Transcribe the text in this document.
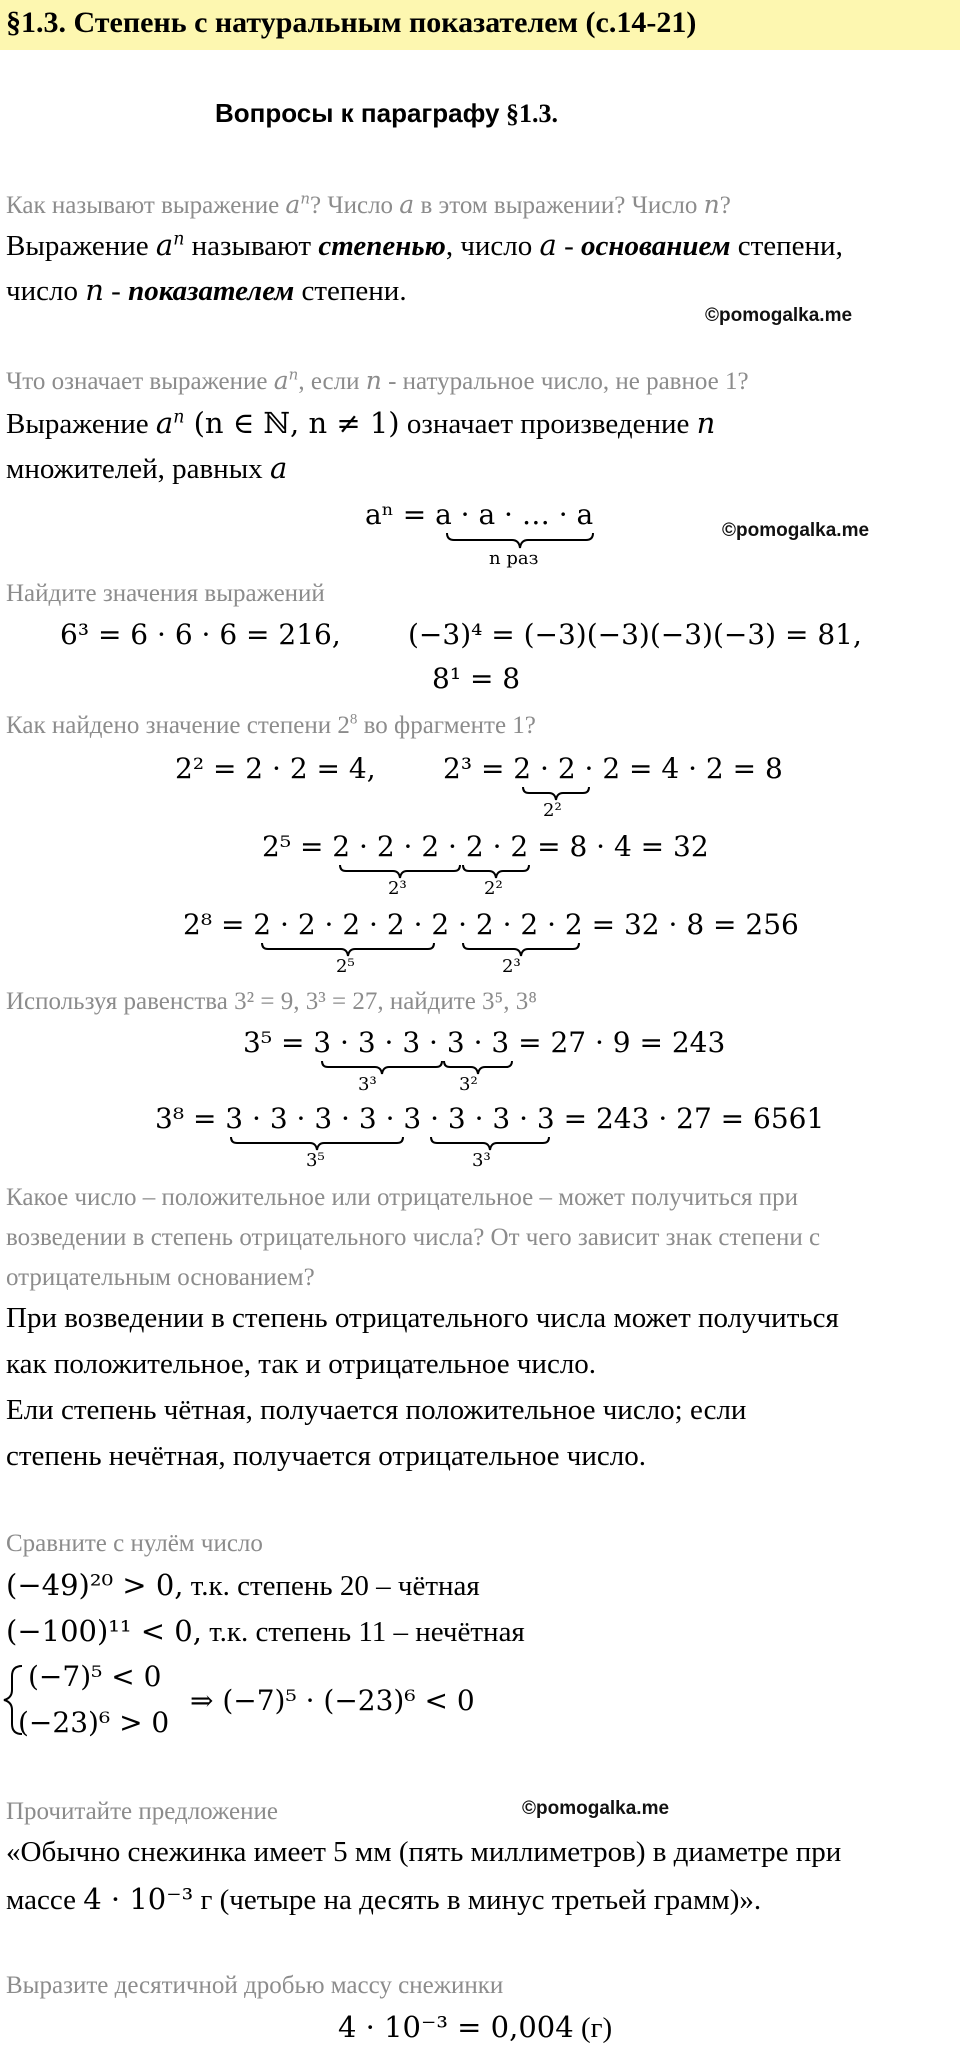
§1.3. Степень с натуральным показателем (с.14-21)
Вопросы к параграфу §1.3.
Как называют выражение $a^n$? Число a в этом выражении? Число n?
Выражение $a^n$ называют степенью, число a - основанием степени,
число n - показателем степени.
©pomogalka.me
Что означает выражение $a^n$, если n - натуральное число, не равное 1?
Выражение $a^n$ (n ∈ ℕ, n ≠ 1) означает произведение n
множителей, равных a
aⁿ = a · a · … · a	©pomogalka.me
Найдите значения выражений
6³ = 6 · 6 · 6 = 216, (−3)⁴ = (−3)(−3)(−3)(−3) = 81,
8¹ = 8
Как найдено значение степени $2^8$ во фрагменте 1?
2² = 2 · 2 = 4, 2³ = 2 · 2 · 2 = 4 · 2 = 8
2⁵ = 2 · 2 · 2 · 2 · 2 = 8 · 4 = 32
2⁸ = 2 · 2 · 2 · 2 · 2 · 2 · 2 · 2 = 32 · 8 = 256
Используя равенства 3² = 9, 3³ = 27, найдите 3⁵, 3⁸
3⁵ = 3 · 3 · 3 · 3 · 3 = 27 · 9 = 243
3⁸ = 3 · 3 · 3 · 3 · 3 · 3 · 3 · 3 = 243 · 27 = 6561
n раз
2²
2³	2²
2⁵	2³
3³	3²
3⁵	3³
Какое число – положительное или отрицательное – может получиться при
возведении в степень отрицательного числа? От чего зависит знак степени с
отрицательным основанием?
При возведении в степень отрицательного числа может получиться
как положительное, так и отрицательное число.
Ели степень чётная, получается положительное число; если
степень нечётная, получается отрицательное число.
Сравните с нулём число
(−49)²⁰ > 0, т.к. степень 20 – чётная
(−100)¹¹ < 0, т.к. степень 11 – нечётная
(−7)⁵ < 0
(−23)⁶ > 0
⇒ (−7)⁵ · (−23)⁶ < 0
Прочитайте предложение	©pomogalka.me
«Обычно снежинка имеет 5 мм (пять миллиметров) в диаметре при
массе 4 · 10⁻³ г (четыре на десять в минус третьей грамм)».
Выразите десятичной дробью массу снежинки
4 · 10⁻³ = 0,004 (г)
